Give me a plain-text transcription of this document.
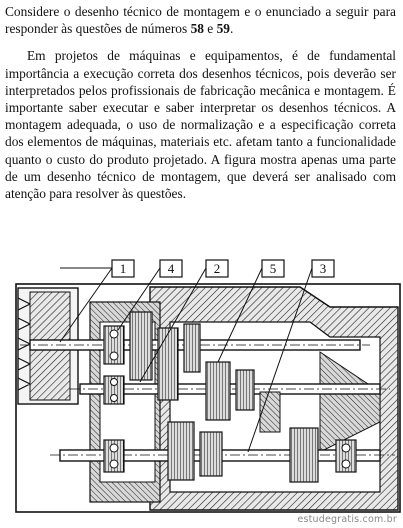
Considere o desenho técnico de montagem e o enunciado a seguir para responder às questões de números 58 e 59.

Em projetos de máquinas e equipamentos, é de fundamental importância a execução correta dos desenhos técnicos, pois deverão ser interpretados pelos profissionais de fabricação mecânica e montagem. É importante saber executar e saber interpretar os desenhos técnicos. A montagem adequada, o uso de normalização e a especificação correta dos elementos de máquinas, materiais etc. afetam tanto a funcionalidade quanto o custo do produto projetado. A figura mostra apenas uma parte de um desenho técnico de montagem, que deverá ser analisado com atenção para resolver às questões.

1	4	2	5	3
estudegratis.com.br
